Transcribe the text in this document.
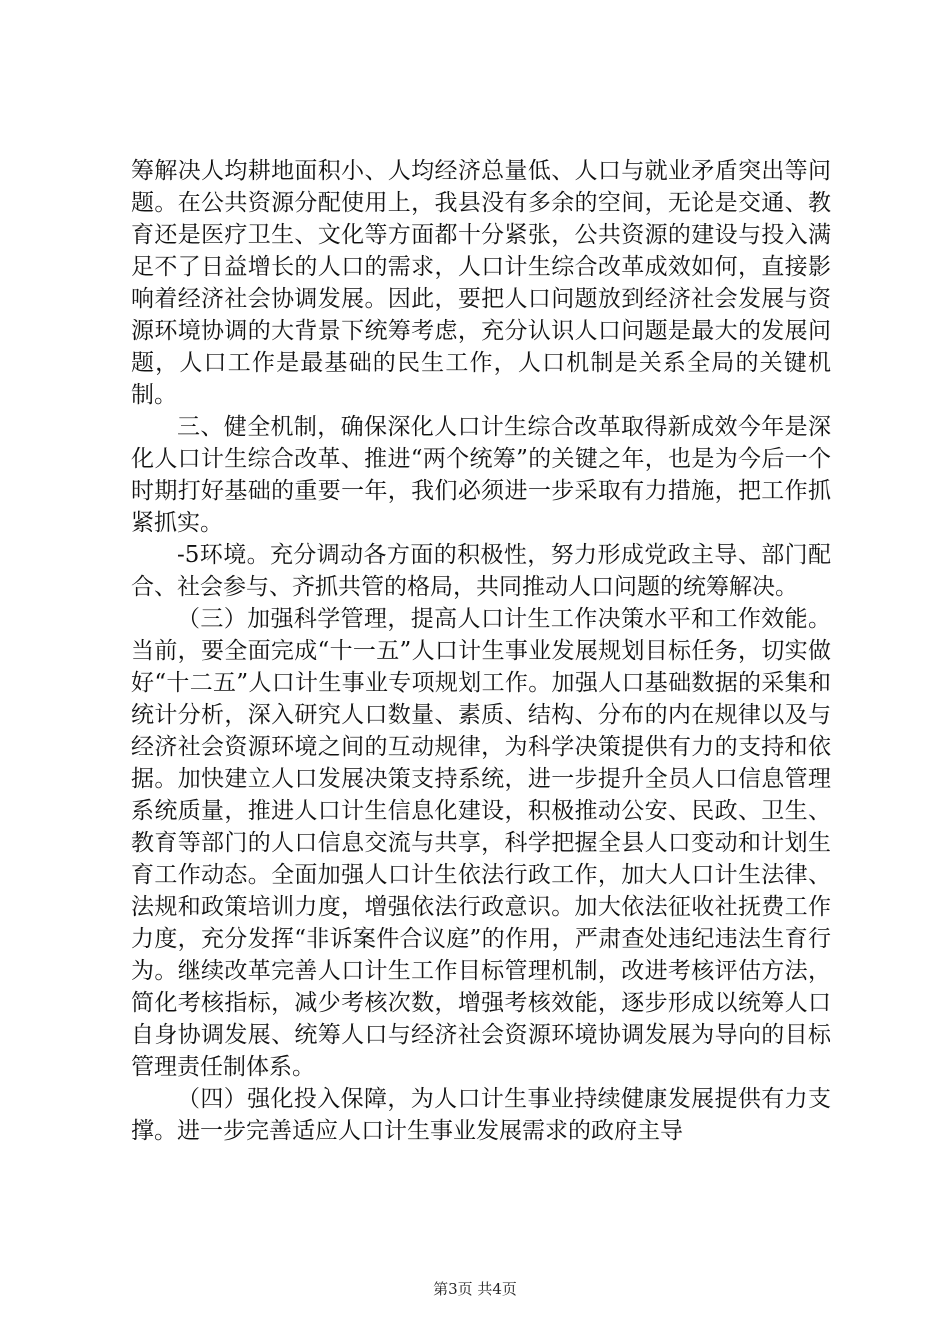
筹解决人均耕地面积小、人均经济总量低、人口与就业矛盾突出等问题。在公共资源分配使用上，我县没有多余的空间，无论是交通、教育还是医疗卫生、文化等方面都十分紧张，公共资源的建设与投入满足不了日益增长的人口的需求，人口计生综合改革成效如何，直接影响着经济社会协调发展。因此，要把人口问题放到经济社会发展与资源环境协调的大背景下统筹考虑，充分认识人口问题是最大的发展问题，人口工作是最基础的民生工作，人口机制是关系全局的关键机制。

三、健全机制，确保深化人口计生综合改革取得新成效今年是深化人口计生综合改革、推进“两个统筹”的关键之年，也是为今后一个时期打好基础的重要一年，我们必须进一步采取有力措施，把工作抓紧抓实。

-5环境。充分调动各方面的积极性，努力形成党政主导、部门配合、社会参与、齐抓共管的格局，共同推动人口问题的统筹解决。

（三）加强科学管理，提高人口计生工作决策水平和工作效能。当前，要全面完成“十一五”人口计生事业发展规划目标任务，切实做好“十二五”人口计生事业专项规划工作。加强人口基础数据的采集和统计分析，深入研究人口数量、素质、结构、分布的内在规律以及与经济社会资源环境之间的互动规律，为科学决策提供有力的支持和依据。加快建立人口发展决策支持系统，进一步提升全员人口信息管理系统质量，推进人口计生信息化建设，积极推动公安、民政、卫生、教育等部门的人口信息交流与共享，科学把握全县人口变动和计划生育工作动态。全面加强人口计生依法行政工作，加大人口计生法律、法规和政策培训力度，增强依法行政意识。加大依法征收社抚费工作力度，充分发挥“非诉案件合议庭”的作用，严肃查处违纪违法生育行为。继续改革完善人口计生工作目标管理机制，改进考核评估方法，简化考核指标，减少考核次数，增强考核效能，逐步形成以统筹人口自身协调发展、统筹人口与经济社会资源环境协调发展为导向的目标管理责任制体系。

（四）强化投入保障，为人口计生事业持续健康发展提供有力支撑。进一步完善适应人口计生事业发展需求的政府主导

第3页 共4页
